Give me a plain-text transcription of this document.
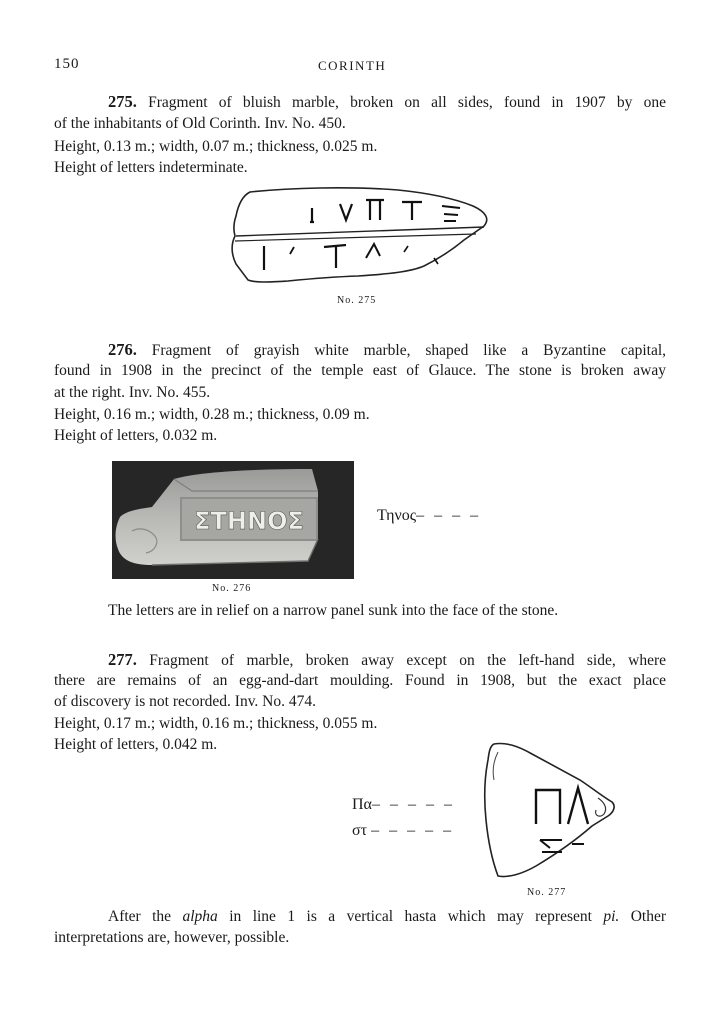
150	CORINTH
275. Fragment of bluish marble, broken on all sides, found in 1907 by one
of the inhabitants of Old Corinth. Inv. No. 450.
Height, 0.13 m.; width, 0.07 m.; thickness, 0.025 m.
Height of letters indeterminate.
No. 275
276. Fragment of grayish white marble, shaped like a Byzantine capital,
found in 1908 in the precinct of the temple east of Glauce. The stone is broken away
at the right. Inv. No. 455.
Height, 0.16 m.; width, 0.28 m.; thickness, 0.09 m.
Height of letters, 0.032 m.
ΣΤΗΝΟΣ	Τηνος– – – –
No. 276
The letters are in relief on a narrow panel sunk into the face of the stone.
277. Fragment of marble, broken away except on the left-hand side, where
there are remains of an egg-and-dart moulding. Found in 1908, but the exact place
of discovery is not recorded. Inv. No. 474.
Height, 0.17 m.; width, 0.16 m.; thickness, 0.055 m.
Height of letters, 0.042 m.
Πα– – – – –
στ – – – – –
No. 277
After the alpha in line 1 is a vertical hasta which may represent pi. Other
interpretations are, however, possible.
